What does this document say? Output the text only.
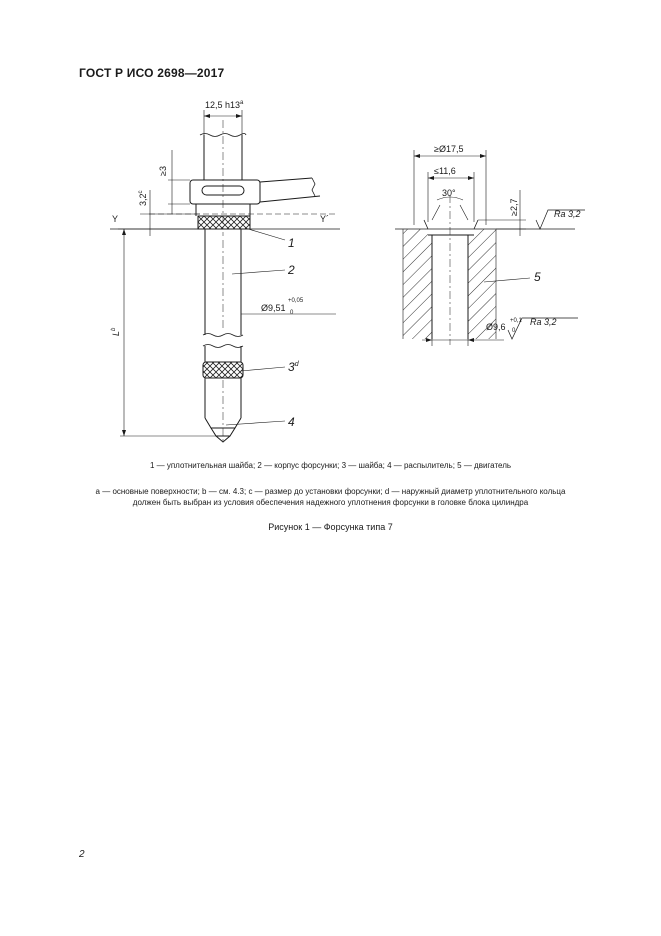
ГОСТ Р ИСО 2698—2017
12,5 $h13^a$
≥3
3,2$^c$
Y	Y´
$L^b$
Ø9,51
+0,05
0
1
2
3$^d$
4
≥Ø17,5
≤11,6
30°
≥2,7	Ra 3,2
Ra 3,2
Ø9,6
+0,1
0
5
1 — уплотнительная шайба; 2 — корпус форсунки; 3 — шайба; 4 — распылитель; 5 — двигатель
a — основные поверхности; b — см. 4.3; c — размер до установки форсунки; d — наружный диаметр уплотнительного кольца
должен быть выбран из условия обеспечения надежного уплотнения форсунки в головке блока цилиндра
Рисунок 1 — Форсунка типа 7
2
